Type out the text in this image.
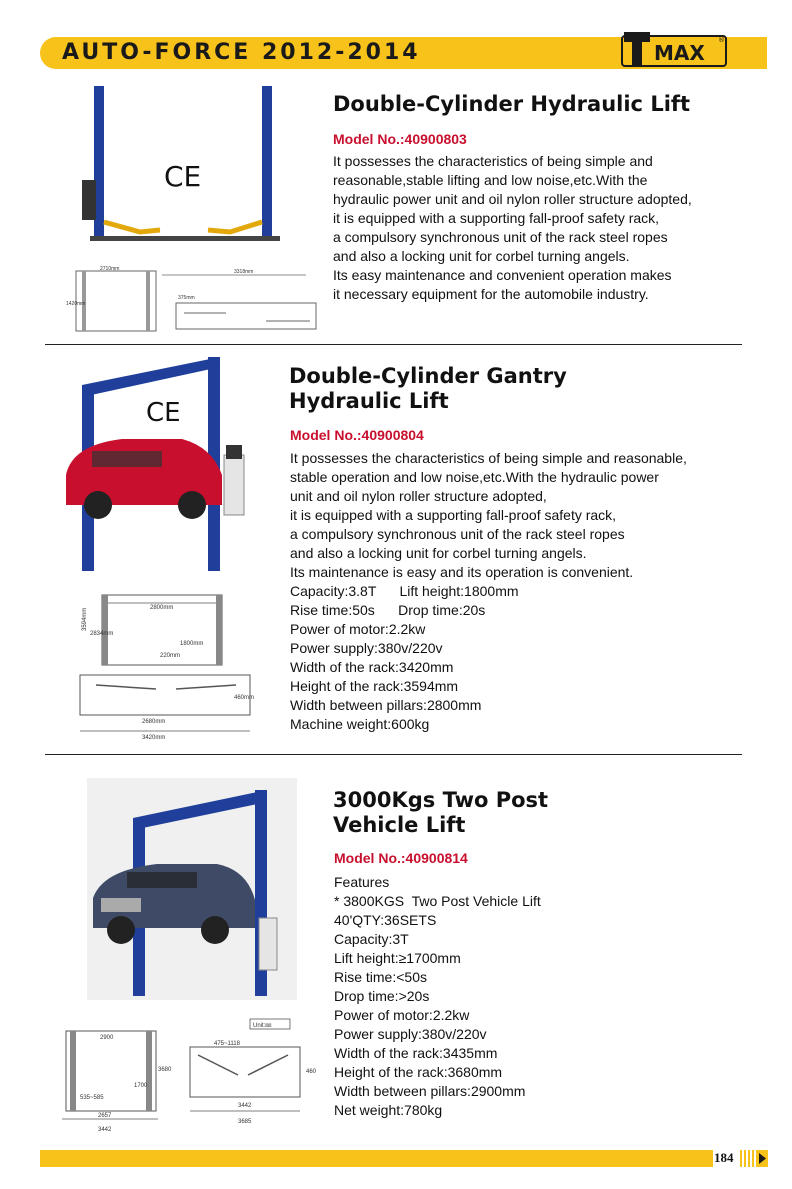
AUTO-FORCE 2012-2014	MAX
®
CE
2710mm	3318mm
375mm
1420mm
Double-Cylinder Hydraulic Lift
Model No.:40900803
It possesses the characteristics of being simple and
reasonable,stable lifting and low noise,etc.With the
hydraulic power unit and oil nylon roller structure adopted,
it is equipped with a supporting fall-proof safety rack,
a compulsory synchronous unit of the rack steel ropes
and also a locking unit for corbel turning angels.
Its easy maintenance and convenient operation makes
it necessary equipment for the automobile industry.
CE
2800mm
3594mm
2834mm
1800mm
220mm
460mm
2680mm
3420mm
Double-Cylinder Gantry
Hydraulic Lift
Model No.:40900804
It possesses the characteristics of being simple and reasonable,
stable operation and low noise,etc.With the hydraulic power
unit and oil nylon roller structure adopted,
it is equipped with a supporting fall-proof safety rack,
a compulsory synchronous unit of the rack steel ropes
and also a locking unit for corbel turning angels.
Its maintenance is easy and its operation is convenient.
Capacity:3.8T      Lift height:1800mm
Rise time:50s      Drop time:20s
Power of motor:2.2kw
Power supply:380v/220v
Width of the rack:3420mm
Height of the rack:3594mm
Width between pillars:2800mm
Machine weight:600kg
2900
3680
1700
535~585
2657
3442
Unit:㎜
475~1118
460
3442
3685
3000Kgs Two Post
Vehicle Lift
Model No.:40900814
Features
* 3800KGS  Two Post Vehicle Lift
40'QTY:36SETS
Capacity:3T
Lift height:≥1700mm
Rise time:<50s
Drop time:>20s
Power of motor:2.2kw
Power supply:380v/220v
Width of the rack:3435mm
Height of the rack:3680mm
Width between pillars:2900mm
Net weight:780kg
184
